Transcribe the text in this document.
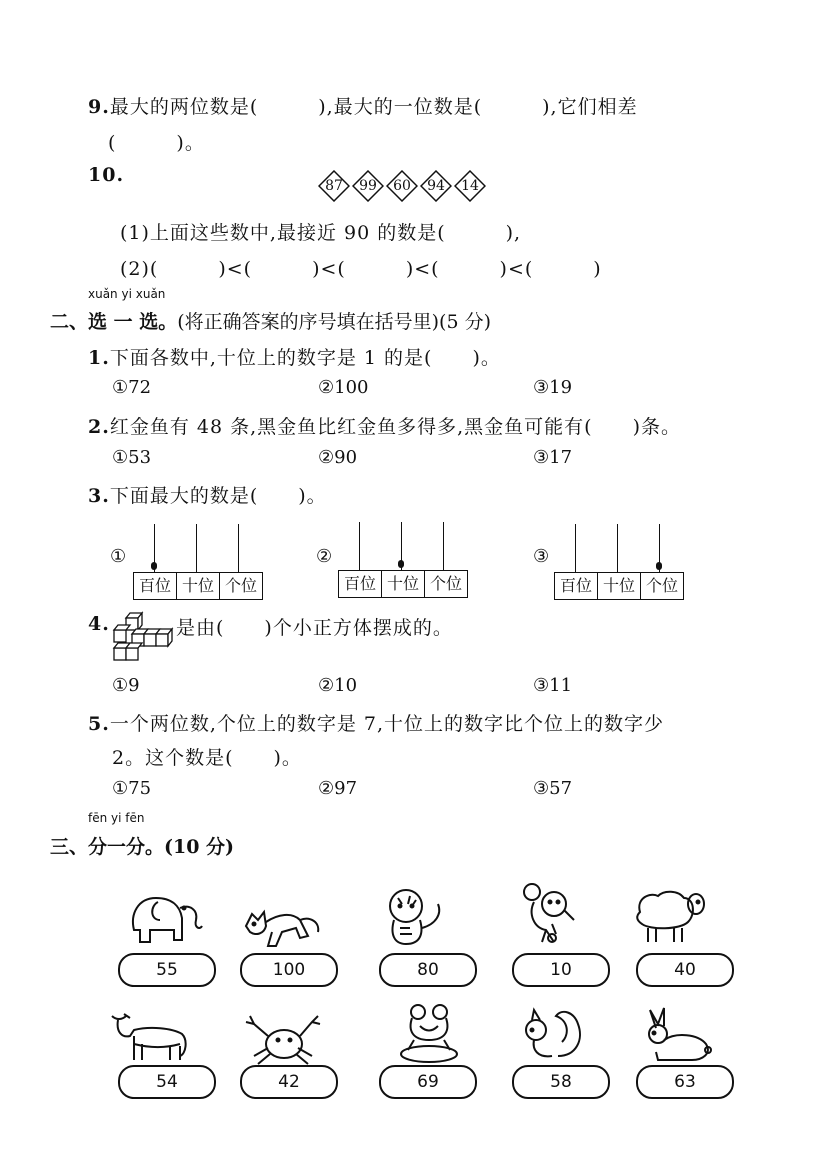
9.最大的两位数是(　　　),最大的一位数是(　　　),它们相差
(　　　)。
10.	87	99	60	94	14
(1)上面这些数中,最接近 90 的数是(　　　),
(2)(　　　)<(　　　)<(　　　)<(　　　)<(　　　)
xuǎn yi xuǎn
二、选 一 选。(将正确答案的序号填在括号里)(5 分)
1.下面各数中,十位上的数字是 1 的是(　　)。
①72	②100	③19
2.红金鱼有 48 条,黑金鱼比红金鱼多得多,黑金鱼可能有(　　)条。
①53	②90	③17
3.下面最大的数是(　　)。
①
百位 十位 个位
②
百位 十位 个位
③
百位 十位 个位
4.	是由(　　)个小正方体摆成的。
①9	②10	③11
5.一个两位数,个位上的数字是 7,十位上的数字比个位上的数字少
2。这个数是(　　)。
①75	②97	③57
fēn yi fēn
三、分一分。(10 分)
55	100	80	10	40
54	42	69	58	63
